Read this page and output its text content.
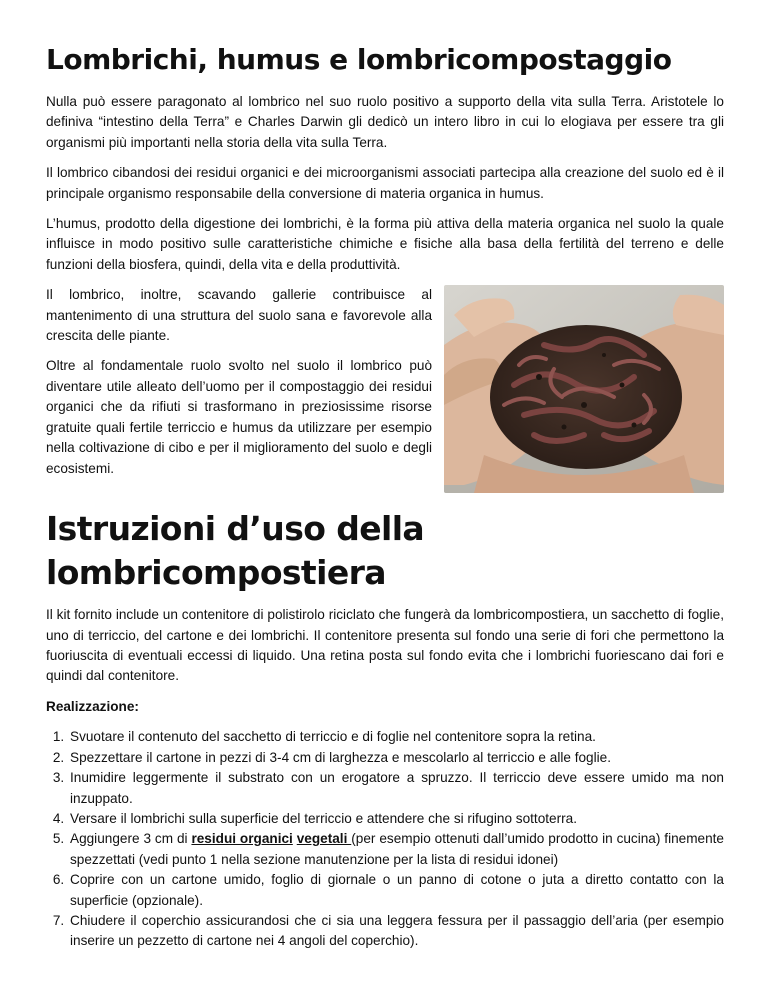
Lombrichi, humus e lombricompostaggio

Nulla può essere paragonato al lombrico nel suo ruolo positivo a supporto della vita sulla Terra. Aristotele lo definiva “intestino della Terra” e Charles Darwin gli dedicò un intero libro in cui lo elogiava per essere tra gli organismi più importanti nella storia della vita sulla Terra.

Il lombrico cibandosi dei residui organici e dei microorganismi associati partecipa alla creazione del suolo ed è il principale organismo responsabile della conversione di materia organica in humus.

L’humus, prodotto della digestione dei lombrichi, è la forma più attiva della materia organica nel suolo la quale influisce in modo positivo sulle caratteristiche chimiche e fisiche alla basa della fertilità del terreno e delle funzioni della biosfera, quindi, della vita e della produttività.

Il lombrico, inoltre, scavando gallerie contribuisce al mantenimento di una struttura del suolo sana e favorevole alla crescita delle piante.

Oltre al fondamentale ruolo svolto nel suolo il lombrico può diventare utile alleato dell’uomo per il compostaggio dei residui organici che da rifiuti si trasformano in preziosissime risorse gratuite quali fertile terriccio e humus da utilizzare per esempio nella coltivazione di cibo e per il miglioramento del suolo e degli ecosistemi.

Istruzioni d’uso della lombricompostiera

Il kit fornito include un contenitore di polistirolo riciclato che fungerà da lombricompostiera, un sacchetto di foglie, uno di terriccio, del cartone e dei lombrichi. Il contenitore presenta sul fondo una serie di fori che permettono la fuoriuscita di eventuali eccessi di liquido. Una retina posta sul fondo evita che i lombrichi fuoriescano dai fori e quindi dal contenitore.

Realizzazione:

1. Svuotare il contenuto del sacchetto di terriccio e di foglie nel contenitore sopra la retina.
2. Spezzettare il cartone in pezzi di 3-4 cm di larghezza e mescolarlo al terriccio e alle foglie.
3. Inumidire leggermente il substrato con un erogatore a spruzzo. Il terriccio deve essere umido ma non inzuppato.
4. Versare il lombrichi sulla superficie del terriccio e attendere che si rifugino sottoterra.
5. Aggiungere 3 cm di residui organici vegetali (per esempio ottenuti dall’umido prodotto in cucina) finemente spezzettati (vedi punto 1 nella sezione manutenzione per la lista di residui idonei)
6. Coprire con un cartone umido, foglio di giornale o un panno di cotone o juta a diretto contatto con la superficie (opzionale).
7. Chiudere il coperchio assicurandosi che ci sia una leggera fessura per il passaggio dell’aria (per esempio inserire un pezzetto di cartone nei 4 angoli del coperchio).
